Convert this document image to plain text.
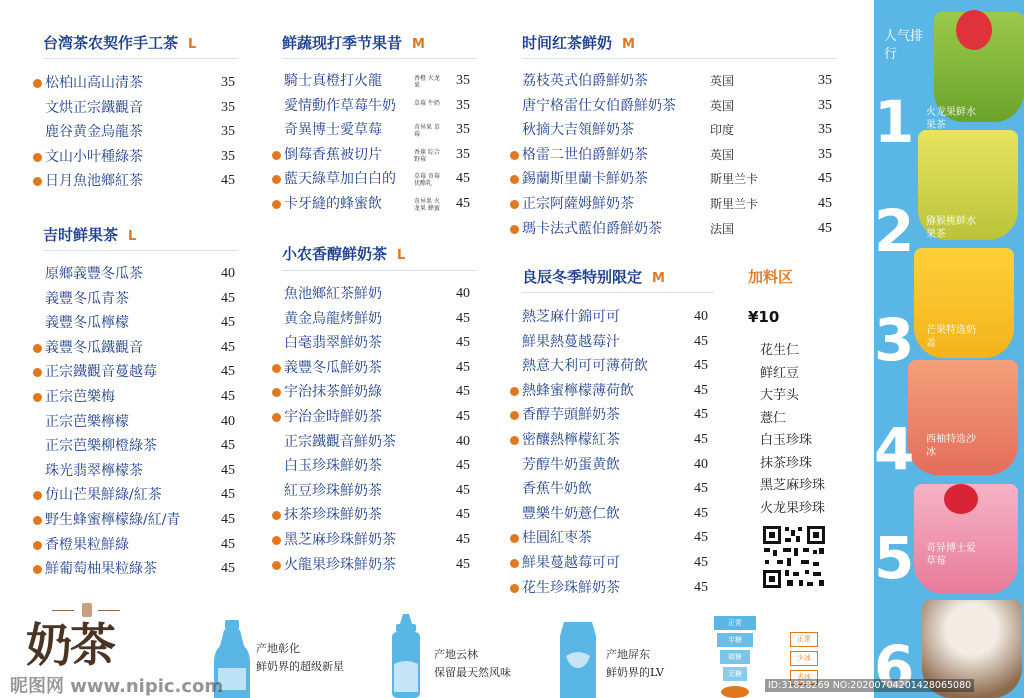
台湾茶农契作手工茶 L
松柏山高山清茶	35
文烘正宗鐵觀音	35
鹿谷黄金烏龍茶	35
文山小叶種綠茶	35
日月魚池鄉紅茶	45
吉时鲜果茶 L
原鄉義豐冬瓜茶	40
義豐冬瓜青茶	45
義豐冬瓜檸檬	45
義豐冬瓜鐵觀音	45
正宗鐵觀音蔓越莓	45
正宗芭樂梅	45
正宗芭樂檸檬	40
正宗芭樂柳橙綠茶	45
珠光翡翠檸檬茶	45
仿山芒果鮮綠/紅茶	45
野生蜂蜜檸檬綠/紅/青	45
香橙果粒鮮綠	45
鮮葡萄柚果粒綠茶	45
鲜蔬现打季节果昔 M
騎士真橙打火龍	香橙 火龙果	35
愛情動作草莓牛奶	草莓 牛奶 35
奇異博士愛草莓	奇异果 草莓	35
倒莓香蕉被切片	香蕉 综合野莓	35
藍天綠草加白白的	草莓 奇莓 优酪乳	45
卡牙縫的蜂蜜飲	奇异果 火龙果 蜂蜜 45
小农香醇鲜奶茶 L
魚池鄉紅茶鮮奶	40
黄金烏龍烤鮮奶	45
白毫翡翠鮮奶茶	45
義豐冬瓜鮮奶茶	45
宇治抹茶鮮奶綠	45
宇治金時鮮奶茶	45
正宗鐵觀音鮮奶茶	40
白玉珍珠鮮奶茶	45
紅豆珍珠鮮奶茶	45
抹茶珍珠鮮奶茶	45
黑芝麻珍珠鮮奶茶	45
火龍果珍珠鮮奶茶	45
时间红茶鲜奶 M
荔枝英式伯爵鮮奶茶	英国	35
唐宁格雷仕女伯爵鮮奶茶	英国	35
秋摘大吉領鮮奶茶	印度	35
格雷二世伯爵鮮奶茶	英国	35
錫蘭斯里蘭卡鮮奶茶	斯里兰卡	45
正宗阿薩姆鮮奶茶	斯里兰卡	45
瑪卡法式藍伯爵鮮奶茶	法国	45
良辰冬季特别限定 M
熱芝麻什錦可可	40
鮮果熱蔓越莓汁	45
熱意大利可可薄荷飲	45
熱蜂蜜檸檬薄荷飲	45
香醇芋頭鮮奶茶	45
密釀熱檸檬紅茶	45
芳醇牛奶蛋黄飲	40
香蕉牛奶飲	45
豐樂牛奶薏仁飲	45
桂圓紅枣茶	45
鮮果蔓越莓可可	45
花生珍珠鮮奶茶	45
加料区
¥10
花生仁
鲜红豆
大芋头
薏仁
白玉珍珠
抹茶珍珠
黑芝麻珍珠
火龙果珍珠
人气排行
1 火龙果鲜水果茶
2 猕猴桃鲜水果茶
3 芒果特选奶盖
4 西柚特选沙冰
5 奇异博士爱草莓
6
奶茶	产地彰化
鲜奶界的超级新星
产地云林
保留最天然风味
产地屏东
鲜奶界的LV
正常
半糖
微糖
无糖
正常
少冰
去冰
昵图网 www.nipic.com	ID:31828269 NO:20200704201428065080
